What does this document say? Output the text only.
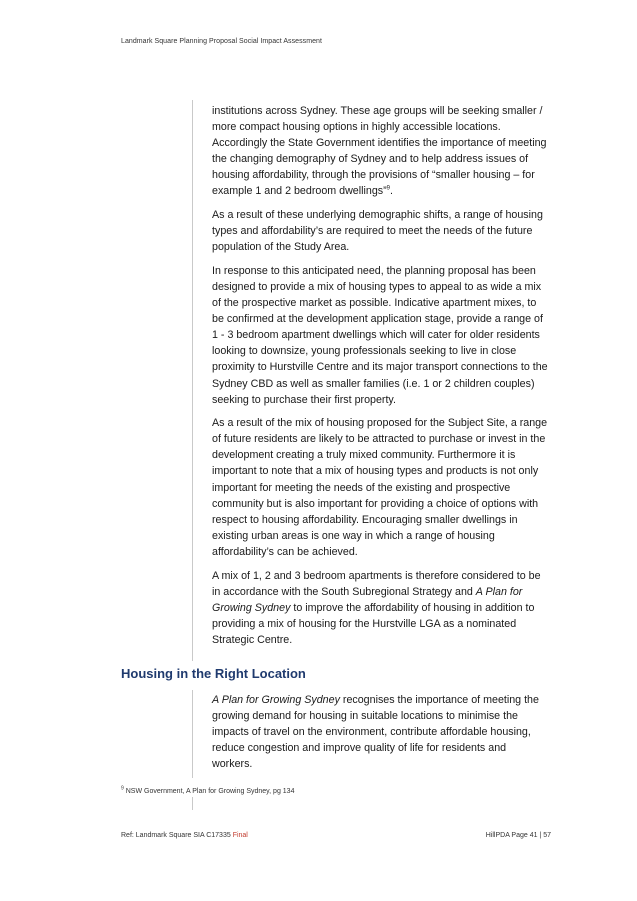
Landmark Square Planning Proposal Social Impact Assessment

institutions across Sydney. These age groups will be seeking smaller / more compact housing options in highly accessible locations. Accordingly the State Government identifies the importance of meeting the changing demography of Sydney and to help address issues of housing affordability, through the provisions of “smaller housing – for example 1 and 2 bedroom dwellings”$^9$.

As a result of these underlying demographic shifts, a range of housing types and affordability’s are required to meet the needs of the future population of the Study Area.

In response to this anticipated need, the planning proposal has been designed to provide a mix of housing types to appeal to as wide a mix of the prospective market as possible. Indicative apartment mixes, to be confirmed at the development application stage, provide a range of 1 - 3 bedroom apartment dwellings which will cater for older residents looking to downsize, young professionals seeking to live in close proximity to Hurstville Centre and its major transport connections to the Sydney CBD as well as smaller families (i.e. 1 or 2 children couples) seeking to purchase their first property.

As a result of the mix of housing proposed for the Subject Site, a range of future residents are likely to be attracted to purchase or invest in the development creating a truly mixed community. Furthermore it is important to note that a mix of housing types and products is not only important for meeting the needs of the existing and prospective community but is also important for providing a choice of options with respect to housing affordability. Encouraging smaller dwellings in existing urban areas is one way in which a range of housing affordability’s can be achieved.

A mix of 1, 2 and 3 bedroom apartments is therefore considered to be in accordance with the South Subregional Strategy and A Plan for Growing Sydney to improve the affordability of housing in addition to providing a mix of housing for the Hurstville LGA as a nominated Strategic Centre.

Housing in the Right Location

A Plan for Growing Sydney recognises the importance of meeting the growing demand for housing in suitable locations to minimise the impacts of travel on the environment, contribute affordable housing, reduce congestion and improve quality of life for residents and workers.

$^9$ NSW Government, A Plan for Growing Sydney, pg 134
Ref: Landmark Square SIA C17335 Final	HillPDA Page 41 | 57
